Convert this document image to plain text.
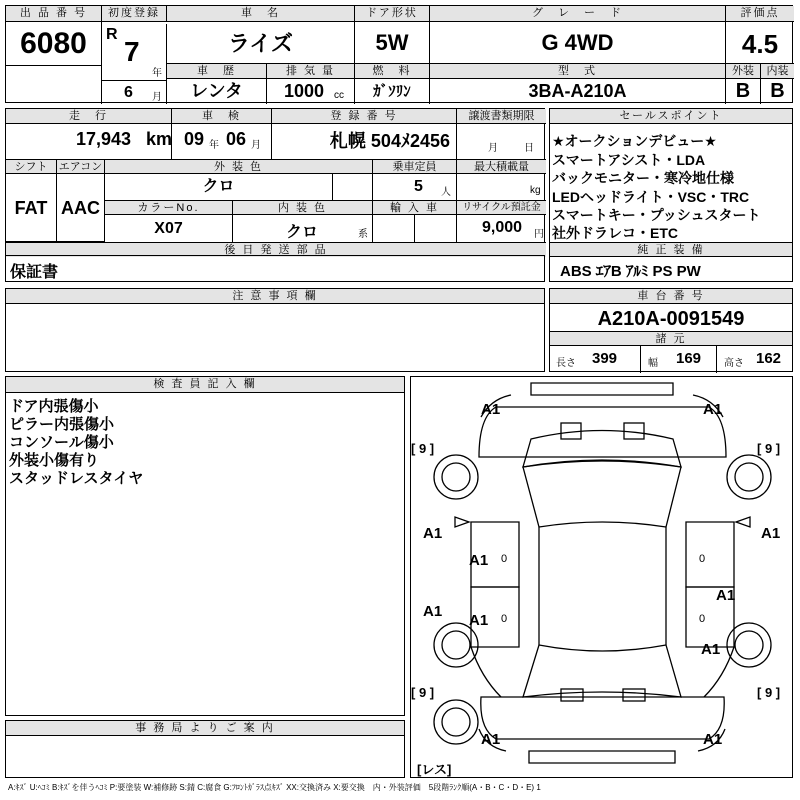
出 品 番 号
6080
初度登録
R
7
年
6 月
車　名
ライズ
ドア形状
5W
グ　レ　ー　ド
G 4WD
評価点
4.5
車　歴
レンタ
排 気 量
1000 cc
燃　料
ｶﾞｿﾘﾝ
型　式
3BA-A210A
外装	内装
B	B
走　行
17,943 km
車　検
09 年 06 月
登 録 番 号
札幌 504ﾒ2456
譲渡書類期限
月	日
シフト
FAT
エアコン
AAC
外 装 色
クロ
乗車定員
5 人
最大積載量
kg
カラーNo.
X07
内 装 色
クロ	系
輸 入 車	リサイクル預託金
9,000 円
後 日 発 送 部 品
保証書
セールスポイント
★オークションデビュー★
スマートアシスト・LDA
バックモニター・寒冷地仕様
LEDヘッドライト・VSC・TRC
スマートキー・プッシュスタート
社外ドラレコ・ETC
純 正 装 備
ABS ｴｱB ｱﾙﾐ PS PW
注 意 事 項 欄	車 台 番 号
A210A-0091549
諸 元
長さ 399	幅 169 高さ 162
検 査 員 記 入 欄
ドア内張傷小
ピラー内張傷小
コンソール傷小
外装小傷有り
スタッドレスタイヤ
事 務 局 よ り ご 案 内
A1	A1
A1	A1
A1
A1
A1
A1
A1
A1	A1
0	0
0	0
[ 9 ]	[ 9 ]
[ 9 ]	[ 9 ]
[レス]
A:ｷｽﾞ U:ﾍｺﾐ B:ｷｽﾞを伴うﾍｺﾐ P:要塗装 W:補修跡 S:錆 C:腐食 G:ﾌﾛﾝﾄｶﾞﾗｽ点ｷｽﾞ XX:交換済み X:要交換　内・外装評価　5段階ﾗﾝｸ順(A・B・C・D・E) 1
